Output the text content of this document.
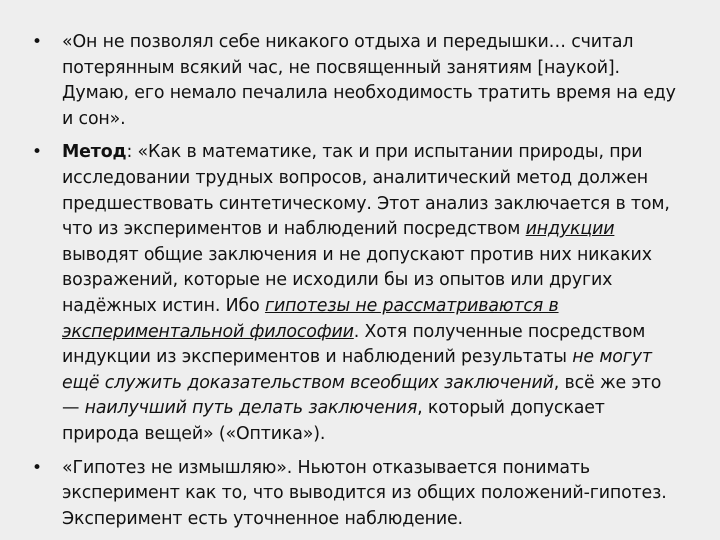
• «Он не позволял себе никакого отдыха и передышки… считал потерянным всякий час, не посвященный занятиям [наукой]. Думаю, его немало печалила необходимость тратить время на еду и сон».
• Метод: «Как в математике, так и при испытании природы, при исследовании трудных вопросов, аналитический метод должен предшествовать синтетическому. Этот анализ заключается в том, что из экспериментов и наблюдений посредством индукции выводят общие заключения и не допускают против них никаких возражений, которые не исходили бы из опытов или других надёжных истин. Ибо гипотезы не рассматриваются в экспериментальной философии. Хотя полученные посредством индукции из экспериментов и наблюдений результаты не могут ещё служить доказательством всеобщих заключений, всё же это — наилучший путь делать заключения, который допускает природа вещей» («Оптика»).
• «Гипотез не измышляю». Ньютон отказывается понимать эксперимент как то, что выводится из общих положений-гипотез. Эксперимент есть уточненное наблюдение.
